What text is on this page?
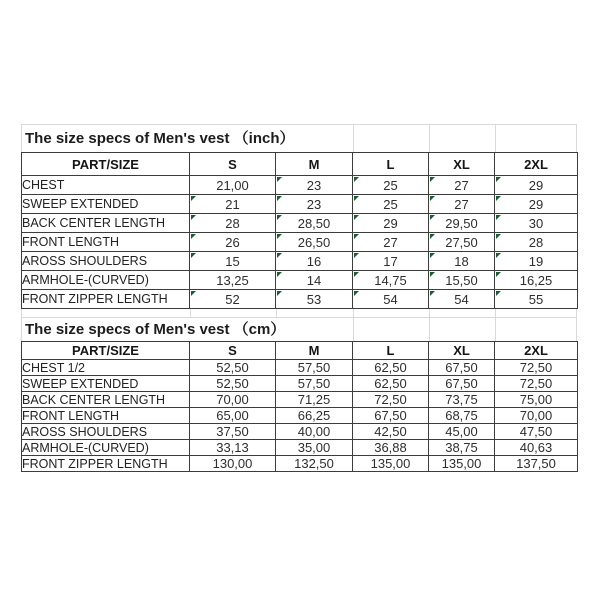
The size specs of Men's vest （inch）
PART/SIZE	S	M	L	XL	2XL
CHEST	21,00	23	25	27	29
SWEEP EXTENDED	21	23	25	27	29
BACK CENTER LENGTH	28	28,50	29	29,50	30
FRONT LENGTH	26	26,50	27	27,50	28
AROSS SHOULDERS	15	16	17	18	19
ARMHOLE-(CURVED)	13,25	14	14,75	15,50	16,25
FRONT ZIPPER LENGTH	52	53	54	54	55
The size specs of Men's vest （cm）
PART/SIZE	S	M	L	XL	2XL
CHEST 1/2	52,50	57,50	62,50	67,50	72,50
SWEEP EXTENDED	52,50	57,50	62,50	67,50	72,50
BACK CENTER LENGTH	70,00	71,25	72,50	73,75	75,00
FRONT LENGTH	65,00	66,25	67,50	68,75	70,00
AROSS SHOULDERS	37,50	40,00	42,50	45,00	47,50
ARMHOLE-(CURVED)	33,13	35,00	36,88	38,75	40,63
FRONT ZIPPER LENGTH	130,00	132,50	135,00	135,00	137,50
